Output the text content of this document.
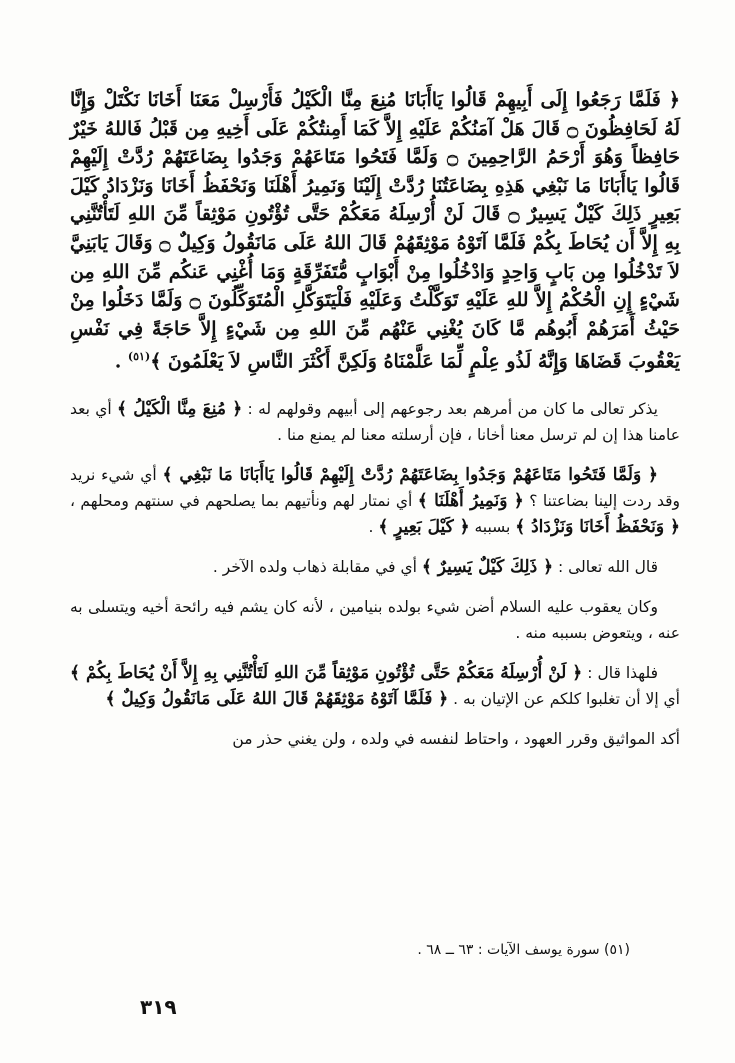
﴿ فَلَمَّا رَجَعُوا إِلَى أَبِيهِمْ قَالُوا يَاأَبَانَا مُنِعَ مِنَّا الْكَيْلُ فَأَرْسِلْ مَعَنَا أَخَانَا نَكْتَلْ وَإِنَّا لَهُ لَحَافِظُونَ ۝ قَالَ هَلْ آمَنُكُمْ عَلَيْهِ إِلاَّ كَمَا أَمِنتُكُمْ عَلَى أَخِيهِ مِن قَبْلُ فَاللهُ خَيْرٌ حَافِظاً وَهُوَ أَرْحَمُ الرَّاحِمِينَ ۝ وَلَمَّا فَتَحُوا مَتَاعَهُمْ وَجَدُوا بِضَاعَتَهُمْ رُدَّتْ إِلَيْهِمْ قَالُوا يَاأَبَانَا مَا نَبْغِي هَذِهِ بِضَاعَتُنَا رُدَّتْ إِلَيْنَا وَنَمِيرُ أَهْلَنَا وَنَحْفَظُ أَخَانَا وَنَزْدَادُ كَيْلَ بَعِيرٍ ذَلِكَ كَيْلٌ يَسِيرٌ ۝ قَالَ لَنْ أُرْسِلَهُ مَعَكُمْ حَتَّى تُؤْتُونِ مَوْثِقاً مِّنَ اللهِ لَتَأْتُنَّنِي بِهِ إِلاَّ أَن يُحَاطَ بِكُمْ فَلَمَّا آتَوْهُ مَوْثِقَهُمْ قَالَ اللهُ عَلَى مَانَقُولُ وَكِيلٌ ۝ وَقَالَ يَابَنِيَّ لاَ تَدْخُلُوا مِن بَابٍ وَاحِدٍ وَادْخُلُوا مِنْ أَبْوَابٍ مُّتَفَرِّقَةٍ وَمَا أُغْنِي عَنكُم مِّنَ اللهِ مِن شَيْءٍ إِنِ الْحُكْمُ إِلاَّ للهِ عَلَيْهِ تَوَكَّلْتُ وَعَلَيْهِ فَلْيَتَوَكَّلِ الْمُتَوَكِّلُونَ ۝ وَلَمَّا دَخَلُوا مِنْ حَيْثُ أَمَرَهُمْ أَبُوهُم مَّا كَانَ يُغْنِي عَنْهُم مِّنَ اللهِ مِن شَيْءٍ إِلاَّ حَاجَةً فِي نَفْسِ يَعْقُوبَ قَضَاهَا وَإِنَّهُ لَذُو عِلْمٍ لِّمَا عَلَّمْنَاهُ وَلَكِنَّ أَكْثَرَ النَّاسِ لاَ يَعْلَمُونَ ﴾$^{(٥١)}$ .

يذكر تعالى ما كان من أمرهم بعد رجوعهم إلى أبيهم وقولهم له : ﴿ مُنِعَ مِنَّا الْكَيْلُ ﴾ أي بعد عامنا هذا إن لم ترسل معنا أخانا ، فإن أرسلته معنا لم يمنع منا .

﴿ وَلَمَّا فَتَحُوا مَتَاعَهُمْ وَجَدُوا بِضَاعَتَهُمْ رُدَّتْ إِلَيْهِمْ قَالُوا يَاأَبَانَا مَا نَبْغِي ﴾ أي شيء نريد وقد ردت إلينا بضاعتنا ؟ ﴿ وَنَمِيرُ أَهْلَنَا ﴾ أي نمتار لهم ونأتيهم بما يصلحهم في سنتهم ومحلهم ، ﴿ وَنَحْفَظُ أَخَانَا وَنَزْدَادُ ﴾ بسببه ﴿ كَيْلَ بَعِيرٍ ﴾ .

قال الله تعالى : ﴿ ذَلِكَ كَيْلٌ يَسِيرٌ ﴾ أي في مقابلة ذهاب ولده الآخر .

وكان يعقوب عليه السلام أضن شيء بولده بنيامين ، لأنه كان يشم فيه رائحة أخيه ويتسلى به عنه ، ويتعوض بسببه منه .

فلهذا قال : ﴿ لَنْ أُرْسِلَهُ مَعَكُمْ حَتَّى تُؤْتُونِ مَوْثِقاً مِّنَ اللهِ لَتَأْتُنَّنِي بِهِ إِلاَّ أَنْ يُحَاطَ بِكُمْ ﴾ أي إلا أن تغلبوا كلكم عن الإتيان به . ﴿ فَلَمَّا آتَوْهُ مَوْثِقَهُمْ قَالَ اللهُ عَلَى مَانَقُولُ وَكِيلٌ ﴾

أكد المواثيق وقرر العهود ، واحتاط لنفسه في ولده ، ولن يغني حذر من

(٥١) سورة يوسف الآيات : ٦٣ ــ ٦٨ .
٣١٩
